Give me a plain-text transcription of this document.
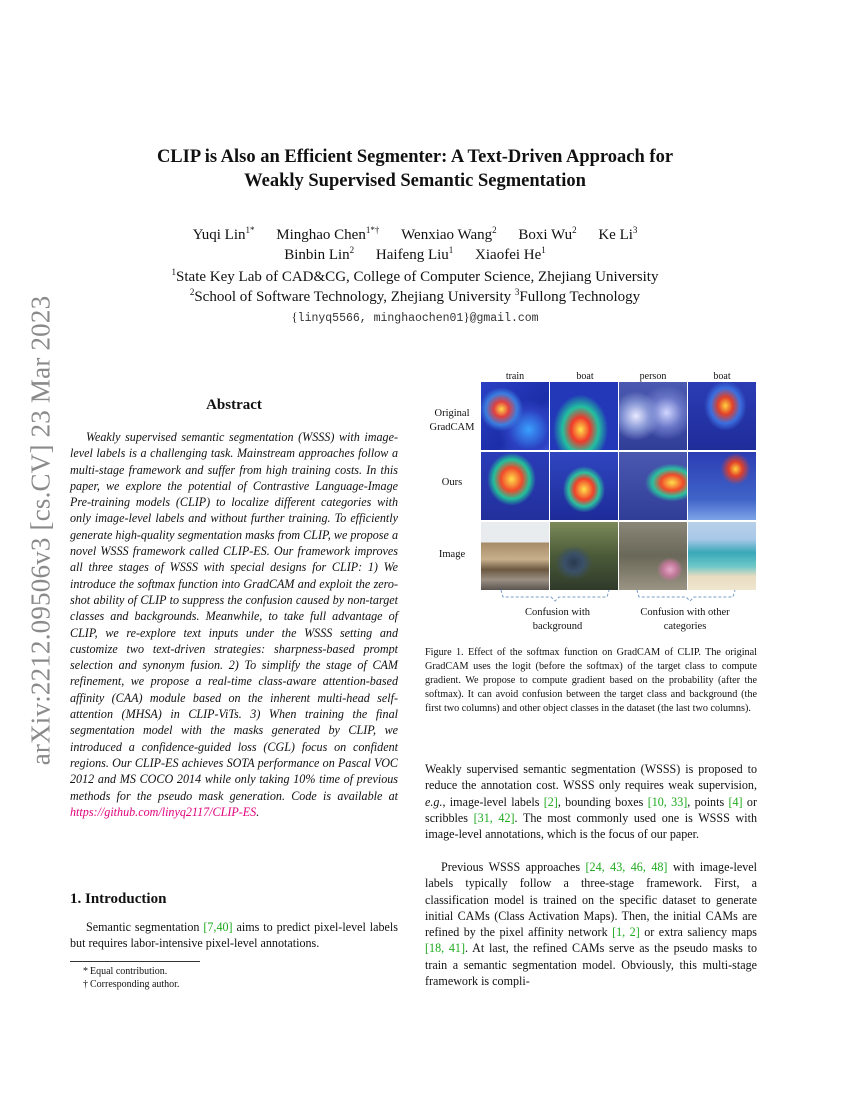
arXiv:2212.09506v3 [cs.CV] 23 Mar 2023
CLIP is Also an Efficient Segmenter: A Text-Driven Approach for
Weakly Supervised Semantic Segmentation
Yuqi Lin$^{1*}$ Minghao Chen$^{1*\dagger}$ Wenxiao Wang$^2$ Boxi Wu$^2$ Ke Li$^3$
Binbin Lin$^2$ Haifeng Liu$^1$ Xiaofei He$^1$
$^1$State Key Lab of CAD&CG, College of Computer Science, Zhejiang University
$^2$School of Software Technology, Zhejiang University $^3$Fullong Technology
{linyq5566, minghaochen01}@gmail.com
Abstract
Weakly supervised semantic segmentation (WSSS) with image-level labels is a challenging task. Mainstream approaches follow a multi-stage framework and suffer from high training costs. In this paper, we explore the potential of Contrastive Language-Image Pre-training models (CLIP) to localize different categories with only image-level labels and without further training. To efficiently generate high-quality segmentation masks from CLIP, we propose a novel WSSS framework called CLIP-ES. Our framework improves all three stages of WSSS with special designs for CLIP: 1) We introduce the softmax function into GradCAM and exploit the zero-shot ability of CLIP to suppress the confusion caused by non-target classes and backgrounds. Meanwhile, to take full advantage of CLIP, we re-explore text inputs under the WSSS setting and customize two text-driven strategies: sharpness-based prompt selection and synonym fusion. 2) To simplify the stage of CAM refinement, we propose a real-time class-aware attention-based affinity (CAA) module based on the inherent multi-head self-attention (MHSA) in CLIP-ViTs. 3) When training the final segmentation model with the masks generated by CLIP, we introduced a confidence-guided loss (CGL) focus on confident regions. Our CLIP-ES achieves SOTA performance on Pascal VOC 2012 and MS COCO 2014 while only taking 10% time of previous methods for the pseudo mask generation. Code is available at https://github.com/linyq2117/CLIP-ES.
1. Introduction
Semantic segmentation [7,40] aims to predict pixel-level labels but requires labor-intensive pixel-level annotations.
* Equal contribution.
† Corresponding author.
train	boat	person	boat
Original GradCAM
Ours
Image
Confusion with background
Confusion with other categories
Figure 1. Effect of the softmax function on GradCAM of CLIP. The original GradCAM uses the logit (before the softmax) of the target class to compute gradient. We propose to compute gradient based on the probability (after the softmax). It can avoid confusion between the target class and background (the first two columns) and other object classes in the dataset (the last two columns).
Weakly supervised semantic segmentation (WSSS) is proposed to reduce the annotation cost. WSSS only requires weak supervision, e.g., image-level labels [2], bounding boxes [10, 33], points [4] or scribbles [31, 42]. The most commonly used one is WSSS with image-level annotations, which is the focus of our paper.
Previous WSSS approaches [24, 43, 46, 48] with image-level labels typically follow a three-stage framework. First, a classification model is trained on the specific dataset to generate initial CAMs (Class Activation Maps). Then, the initial CAMs are refined by the pixel affinity network [1, 2] or extra saliency maps [18, 41]. At last, the refined CAMs serve as the pseudo masks to train a semantic segmentation model. Obviously, this multi-stage framework is compli-
